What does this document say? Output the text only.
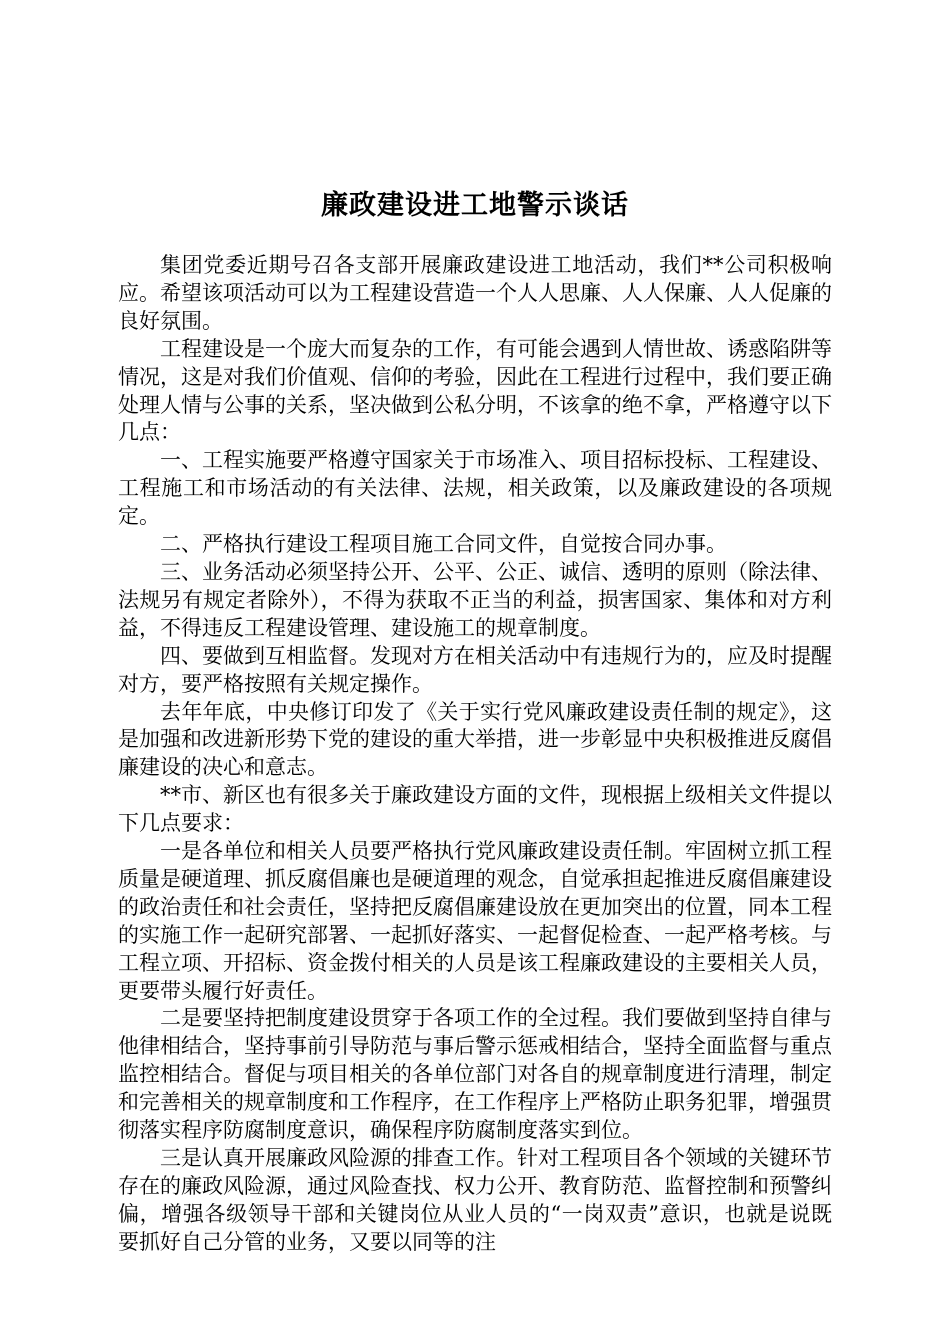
廉政建设进工地警示谈话

集团党委近期号召各支部开展廉政建设进工地活动，我们**公司积极响应。希望该项活动可以为工程建设营造一个人人思廉、人人保廉、人人促廉的良好氛围。

工程建设是一个庞大而复杂的工作，有可能会遇到人情世故、诱惑陷阱等情况，这是对我们价值观、信仰的考验，因此在工程进行过程中，我们要正确处理人情与公事的关系，坚决做到公私分明，不该拿的绝不拿，严格遵守以下几点：

一、工程实施要严格遵守国家关于市场准入、项目招标投标、工程建设、工程施工和市场活动的有关法律、法规，相关政策，以及廉政建设的各项规定。

二、严格执行建设工程项目施工合同文件，自觉按合同办事。

三、业务活动必须坚持公开、公平、公正、诚信、透明的原则（除法律、法规另有规定者除外），不得为获取不正当的利益，损害国家、集体和对方利益，不得违反工程建设管理、建设施工的规章制度。

四、要做到互相监督。发现对方在相关活动中有违规行为的，应及时提醒对方，要严格按照有关规定操作。

去年年底，中央修订印发了《关于实行党风廉政建设责任制的规定》，这是加强和改进新形势下党的建设的重大举措，进一步彰显中央积极推进反腐倡廉建设的决心和意志。

**市、新区也有很多关于廉政建设方面的文件，现根据上级相关文件提以下几点要求：

一是各单位和相关人员要严格执行党风廉政建设责任制。牢固树立抓工程质量是硬道理、抓反腐倡廉也是硬道理的观念，自觉承担起推进反腐倡廉建设的政治责任和社会责任，坚持把反腐倡廉建设放在更加突出的位置，同本工程的实施工作一起研究部署、一起抓好落实、一起督促检查、一起严格考核。与工程立项、开招标、资金拨付相关的人员是该工程廉政建设的主要相关人员，更要带头履行好责任。

二是要坚持把制度建设贯穿于各项工作的全过程。我们要做到坚持自律与他律相结合，坚持事前引导防范与事后警示惩戒相结合，坚持全面监督与重点监控相结合。督促与项目相关的各单位部门对各自的规章制度进行清理，制定和完善相关的规章制度和工作程序，在工作程序上严格防止职务犯罪，增强贯彻落实程序防腐制度意识，确保程序防腐制度落实到位。

三是认真开展廉政风险源的排查工作。针对工程项目各个领域的关键环节存在的廉政风险源，通过风险查找、权力公开、教育防范、监督控制和预警纠偏，增强各级领导干部和关键岗位从业人员的“一岗双责”意识，也就是说既要抓好自己分管的业务，又要以同等的注
